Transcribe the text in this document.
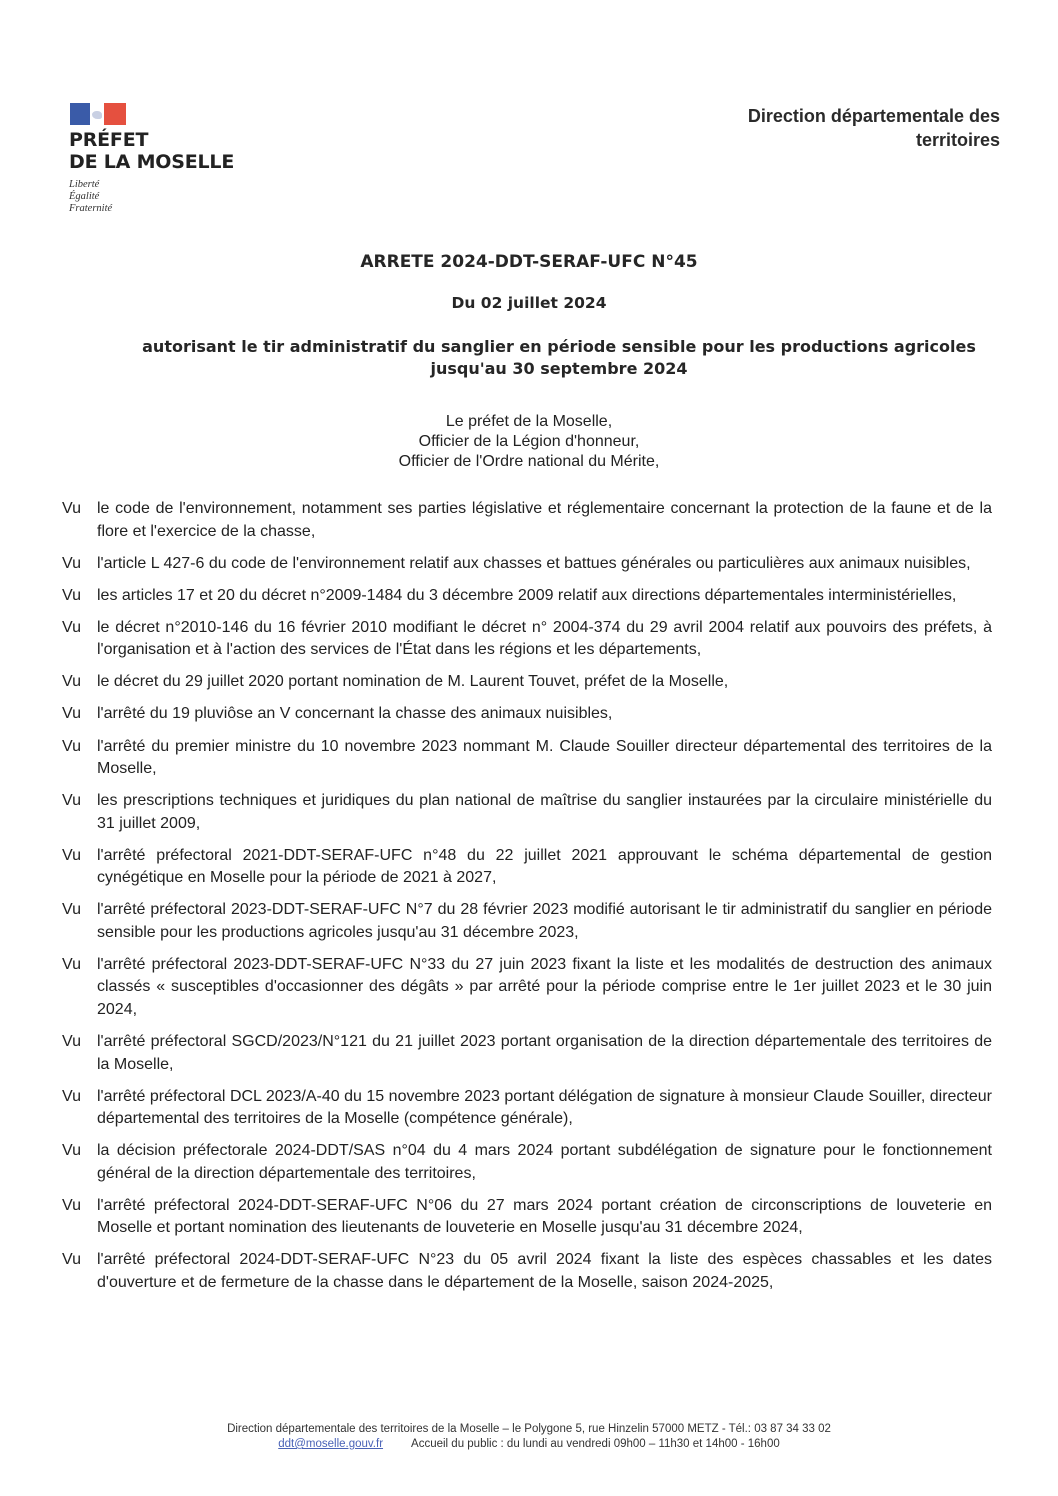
PRÉFET
DE LA MOSELLE
Liberté
Égalité
Fraternité
Direction départementale des
territoires
ARRETE 2024-DDT-SERAF-UFC N°45
Du 02 juillet 2024
autorisant le tir administratif du sanglier en période sensible pour les productions agricoles
jusqu'au 30 septembre 2024
Le préfet de la Moselle,
Officier de la Légion d'honneur,
Officier de l'Ordre national du Mérite,
Vu	le code de l'environnement, notamment ses parties législative et réglementaire concernant la protection de la faune et de la flore et l'exercice de la chasse,
Vu	l'article L 427-6 du code de l'environnement relatif aux chasses et battues générales ou particulières aux animaux nuisibles,
Vu	les articles 17 et 20 du décret n°2009-1484 du 3 décembre 2009 relatif aux directions départementales interministérielles,
Vu	le décret n°2010-146 du 16 février 2010 modifiant le décret n° 2004-374 du 29 avril 2004 relatif aux pouvoirs des préfets, à l'organisation et à l'action des services de l'État dans les régions et les départements,
Vu	le décret du 29 juillet 2020 portant nomination de M. Laurent Touvet, préfet de la Moselle,
Vu	l'arrêté du 19 pluviôse an V concernant la chasse des animaux nuisibles,
Vu	l'arrêté du premier ministre du 10 novembre 2023 nommant M. Claude Souiller directeur départemental des territoires de la Moselle,
Vu	les prescriptions techniques et juridiques du plan national de maîtrise du sanglier instaurées par la circulaire ministérielle du 31 juillet 2009,
Vu	l'arrêté préfectoral 2021-DDT-SERAF-UFC n°48 du 22 juillet 2021 approuvant le schéma départemental de gestion cynégétique en Moselle pour la période de 2021 à 2027,
Vu	l'arrêté préfectoral 2023-DDT-SERAF-UFC N°7 du 28 février 2023 modifié autorisant le tir administratif du sanglier en période sensible pour les productions agricoles jusqu'au 31 décembre 2023,
Vu	l'arrêté préfectoral 2023-DDT-SERAF-UFC N°33 du 27 juin 2023 fixant la liste et les modalités de destruction des animaux classés « susceptibles d'occasionner des dégâts » par arrêté pour la période comprise entre le 1er juillet 2023 et le 30 juin 2024,
Vu	l'arrêté préfectoral SGCD/2023/N°121 du 21 juillet 2023 portant organisation de la direction départementale des territoires de la Moselle,
Vu	l'arrêté préfectoral DCL 2023/A-40 du 15 novembre 2023 portant délégation de signature à monsieur Claude Souiller, directeur départemental des territoires de la Moselle (compétence générale),
Vu	la décision préfectorale 2024-DDT/SAS n°04 du 4 mars 2024 portant subdélégation de signature pour le fonctionnement général de la direction départementale des territoires,
Vu	l'arrêté préfectoral 2024-DDT-SERAF-UFC N°06 du 27 mars 2024 portant création de circonscriptions de louveterie en Moselle et portant nomination des lieutenants de louveterie en Moselle jusqu'au 31 décembre 2024,
Vu	l'arrêté préfectoral 2024-DDT-SERAF-UFC N°23 du 05 avril 2024 fixant la liste des espèces chassables et les dates d'ouverture et de fermeture de la chasse dans le département de la Moselle, saison 2024-2025,
Direction départementale des territoires de la Moselle – le Polygone 5, rue Hinzelin 57000 METZ - Tél.: 03 87 34 33 02
ddt@moselle.gouv.fr Accueil du public : du lundi au vendredi 09h00 – 11h30 et 14h00 - 16h00
